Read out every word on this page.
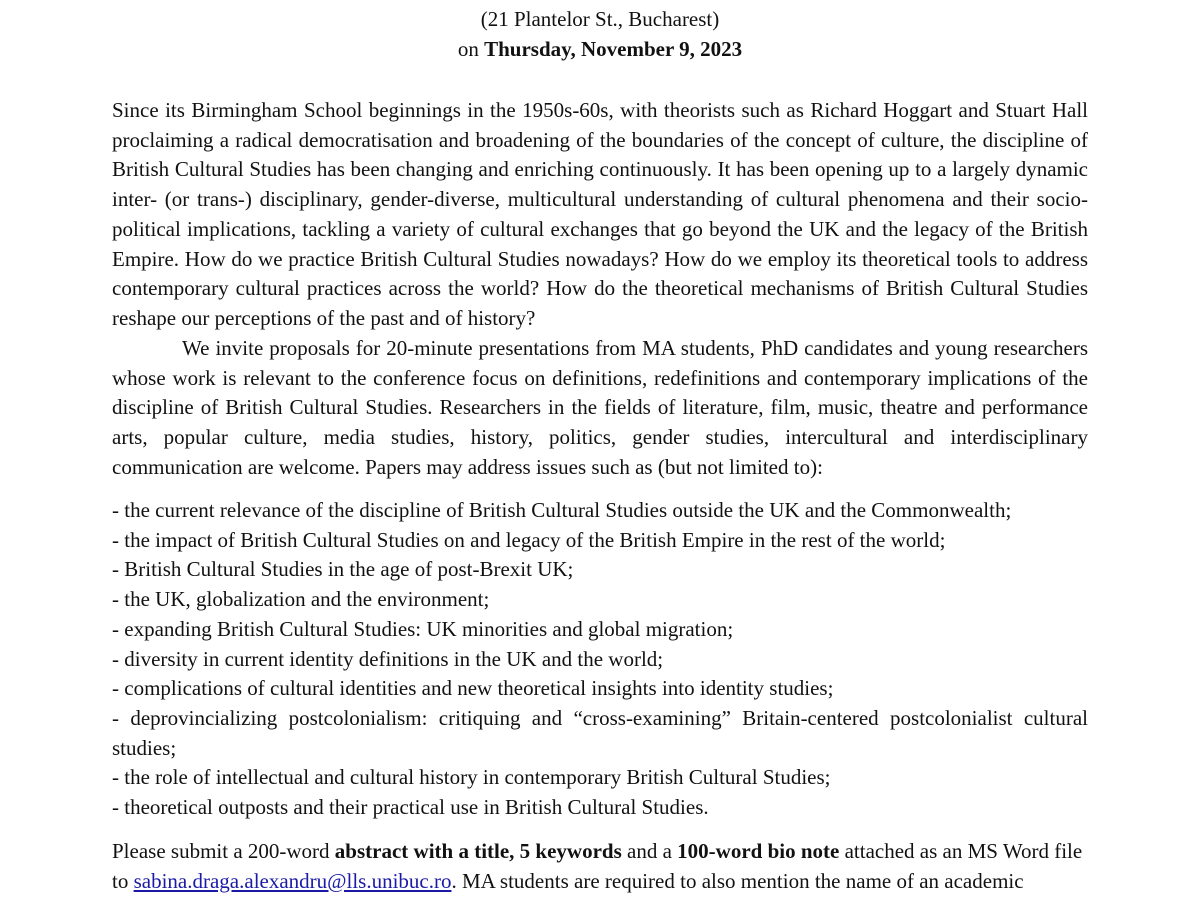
(21 Plantelor St., Bucharest)
on Thursday, November 9, 2023
Since its Birmingham School beginnings in the 1950s-60s, with theorists such as Richard Hoggart and Stuart Hall proclaiming a radical democratisation and broadening of the boundaries of the concept of culture, the discipline of British Cultural Studies has been changing and enriching continuously. It has been opening up to a largely dynamic inter- (or trans-) disciplinary, gender-diverse, multicultural understanding of cultural phenomena and their socio-political implications, tackling a variety of cultural exchanges that go beyond the UK and the legacy of the British Empire. How do we practice British Cultural Studies nowadays? How do we employ its theoretical tools to address contemporary cultural practices across the world? How do the theoretical mechanisms of British Cultural Studies reshape our perceptions of the past and of history?
We invite proposals for 20-minute presentations from MA students, PhD candidates and young researchers whose work is relevant to the conference focus on definitions, redefinitions and contemporary implications of the discipline of British Cultural Studies. Researchers in the fields of literature, film, music, theatre and performance arts, popular culture, media studies, history, politics, gender studies, intercultural and interdisciplinary communication are welcome. Papers may address issues such as (but not limited to):
- the current relevance of the discipline of British Cultural Studies outside the UK and the Commonwealth;
- the impact of British Cultural Studies on and legacy of the British Empire in the rest of the world;
- British Cultural Studies in the age of post-Brexit UK;
- the UK, globalization and the environment;
- expanding British Cultural Studies: UK minorities and global migration;
- diversity in current identity definitions in the UK and the world;
- complications of cultural identities and new theoretical insights into identity studies;
- deprovincializing postcolonialism: critiquing and “cross-examining” Britain-centered postcolonialist cultural studies;
- the role of intellectual and cultural history in contemporary British Cultural Studies;
- theoretical outposts and their practical use in British Cultural Studies.
Please submit a 200-word abstract with a title, 5 keywords and a 100-word bio note attached as an MS Word file to sabina.draga.alexandru@lls.unibuc.ro. MA students are required to also mention the name of an academic
